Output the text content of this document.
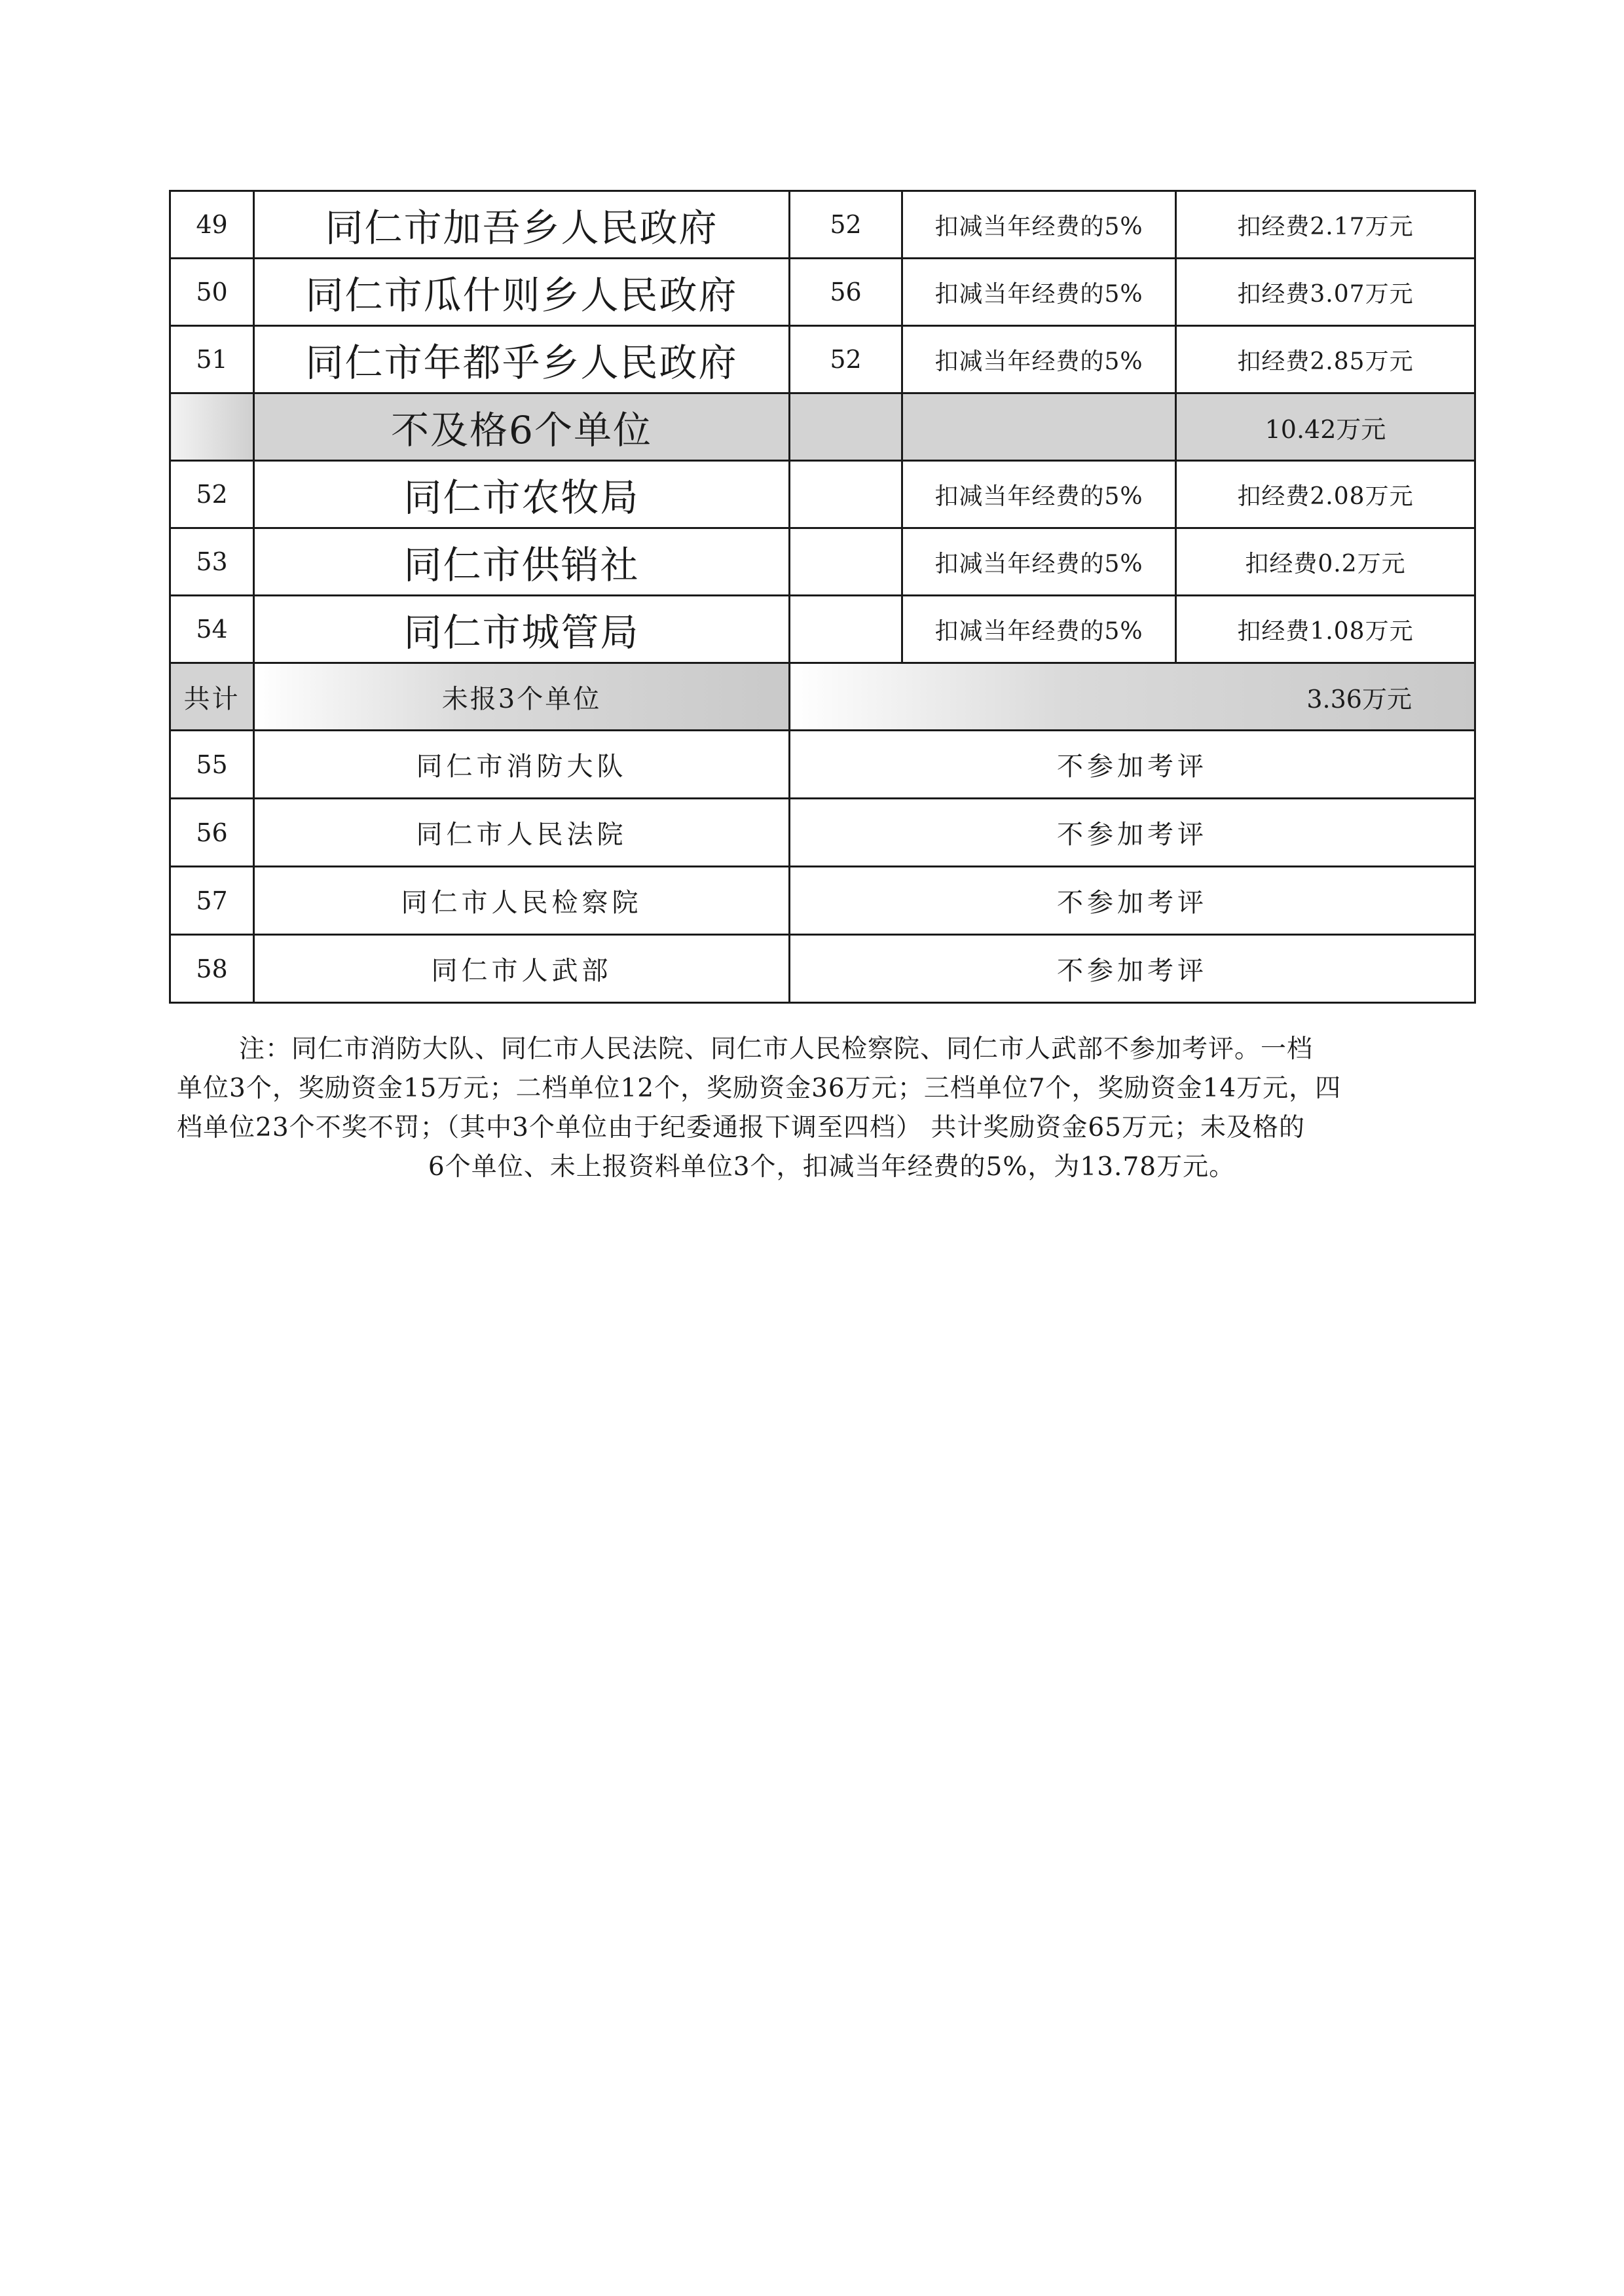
49	同仁市加吾乡人民政府	52	扣减当年经费的5%	扣经费2.17万元
50	同仁市瓜什则乡人民政府	56	扣减当年经费的5%	扣经费3.07万元
51	同仁市年都乎乡人民政府	52	扣减当年经费的5%	扣经费2.85万元
	不及格6个单位			10.42万元
52	同仁市农牧局		扣减当年经费的5%	扣经费2.08万元
53	同仁市供销社		扣减当年经费的5%	扣经费0.2万元
54	同仁市城管局		扣减当年经费的5%	扣经费1.08万元
共计	未报3个单位	3.36万元		
55	同仁市消防大队	不参加考评		
56	同仁市人民法院	不参加考评		
57	同仁市人民检察院	不参加考评		
58	同仁市人武部	不参加考评		

注：同仁市消防大队、同仁市人民法院、同仁市人民检察院、同仁市人武部不参加考评。一档

单位3个，奖励资金15万元；二档单位12个，奖励资金36万元；三档单位7个，奖励资金14万元，四

档单位23个不奖不罚；（其中3个单位由于纪委通报下调至四档） 共计奖励资金65万元；未及格的

6个单位、未上报资料单位3个，扣减当年经费的5%，为13.78万元。
